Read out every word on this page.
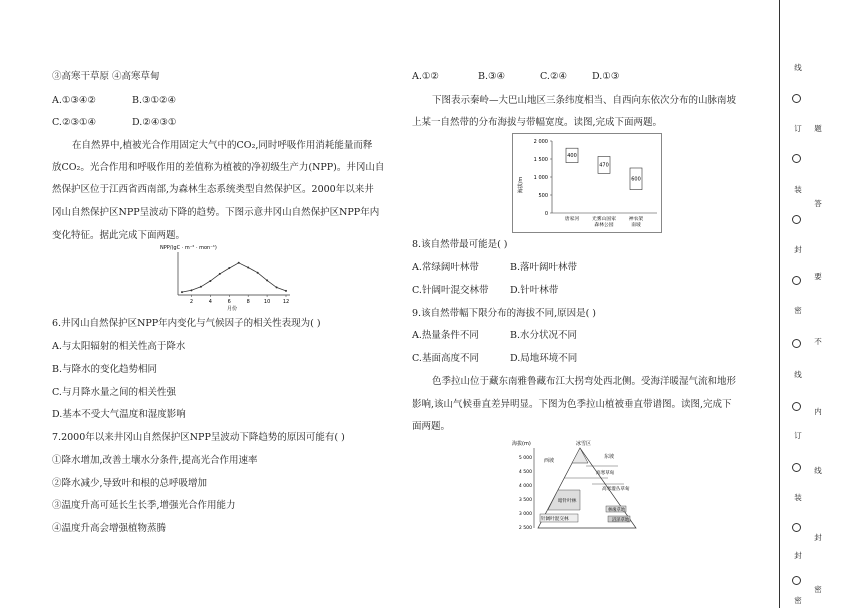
③高寒干草原 ④高寒草甸
A.①③④②	B.③①②④
C.②③①④	D.②④③①
在自然界中,植被光合作用固定大气中的CO₂,同时呼吸作用消耗能量而释
放CO₂。光合作用和呼吸作用的差值称为植被的净初级生产力(NPP)。井冈山自
然保护区位于江西省西南部,为森林生态系统类型自然保护区。2000年以来井
冈山自然保护区NPP呈波动下降的趋势。下图示意井冈山自然保护区NPP年内
变化特征。据此完成下面两题。
NPP/(gC · m⁻² · mon⁻¹)
2	4	6	8	10	12
月份
6.井冈山自然保护区NPP年内变化与气候因子的相关性表现为( )
A.与太阳辐射的相关性高于降水
B.与降水的变化趋势相同
C.与月降水量之间的相关性强
D.基本不受大气温度和湿度影响
7.2000年以来井冈山自然保护区NPP呈波动下降趋势的原因可能有( )
①降水增加,改善土壤水分条件,提高光合作用速率
②降水减少,导致叶和根的总呼吸增加
③温度升高可延长生长季,增强光合作用能力
④温度升高会增强植物蒸腾
A.①②	B.③④	C.②④	D.①③
下图表示秦岭—大巴山地区三条纬度相当、自西向东依次分布的山脉南坡
上某一自然带的分布海拔与带幅宽度。读图,完成下面两题。
海拔/m
2 000
1 500
1 000
500
0
400
470
600
唐家河	光雾山国家
森林公园
神农架
南坡
8.该自然带最可能是( )
A.常绿阔叶林带	B.落叶阔叶林带
C.针阔叶混交林带 D.针叶林带
9.该自然带幅下限分布的海拔不同,原因是( )
A.热量条件不同	B.水分状况不同
C.基面高度不同	D.局地环境不同
色季拉山位于藏东南雅鲁藏布江大拐弯处西北侧。受海洋暖湿气流和地形
影响,该山气候垂直差异明显。下图为色季拉山植被垂直带谱图。读图,完成下
面两题。
海拔(m)
5 000
4 500
4 000
3 500
3 000
2 500
冰雪区
西坡
东坡
高寒草甸
高寒灌丛草甸
暗针叶林
针阔叶混交林
林缘草地
沼泽草地
线
订
装
封
密
线
订
装
封
密
题
答
要
不
内
线
封
密
